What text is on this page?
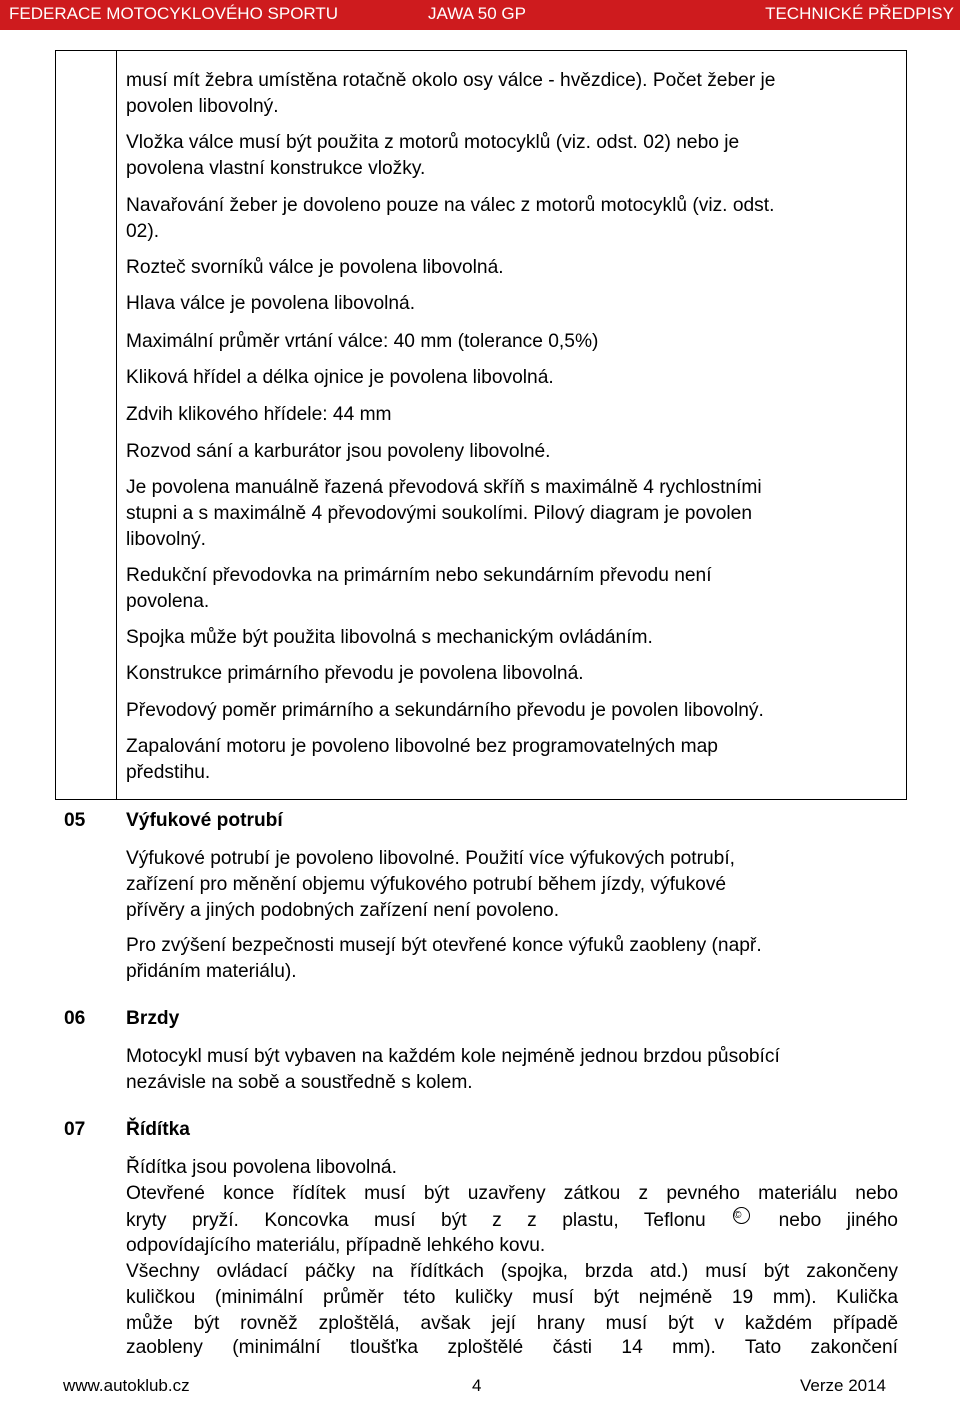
FEDERACE MOTOCYKLOVÉHO SPORTU	JAWA 50 GP	TECHNICKÉ PŘEDPISY

musí mít žebra umístěna rotačně okolo osy válce - hvězdice). Počet žeber je
povolen libovolný.

Vložka válce musí být použita z motorů motocyklů (viz. odst. 02) nebo je
povolena vlastní konstrukce vložky.

Navařování žeber je dovoleno pouze na válec z motorů motocyklů (viz. odst.
02).

Rozteč svorníků válce je povolena libovolná.

Hlava válce je povolena libovolná.

Maximální průměr vrtání válce: 40 mm (tolerance 0,5%)

Kliková hřídel a délka ojnice je povolena libovolná.

Zdvih klikového hřídele: 44 mm

Rozvod sání a karburátor jsou povoleny libovolné.

Je povolena manuálně řazená převodová skříň s maximálně 4 rychlostními
stupni a s maximálně 4 převodovými soukolími. Pilový diagram je povolen
libovolný.

Redukční převodovka na primárním nebo sekundárním převodu není
povolena.

Spojka může být použita libovolná s mechanickým ovládáním.

Konstrukce primárního převodu je povolena libovolná.

Převodový poměr primárního a sekundárního převodu je povolen libovolný.

Zapalování motoru je povoleno libovolné bez programovatelných map
předstihu.

05 Výfukové potrubí

Výfukové potrubí je povoleno libovolné. Použití více výfukových potrubí,
zařízení pro měnění objemu výfukového potrubí během jízdy, výfukové
přívěry a jiných podobných zařízení není povoleno.

Pro zvýšení bezpečnosti musejí být otevřené konce výfuků zaobleny (např.
přidáním materiálu).

06 Brzdy

Motocykl musí být vybaven na každém kole nejméně jednou brzdou působící
nezávisle na sobě a soustředně s kolem.

07 Řídítka

Řídítka jsou povolena libovolná.

Otevřené konce řídítek musí být uzavřeny zátkou z pevného materiálu nebo

kryty pryží. Koncovka musí být z z plastu, Teflonu	© nebo jiného

odpovídajícího materiálu, případně lehkého kovu.

Všechny ovládací páčky na řídítkách (spojka, brzda atd.) musí být zakončeny

kuličkou (minimální průměr této kuličky musí být nejméně 19 mm). Kulička

může být rovněž zploštělá, avšak její hrany musí být v každém případě

zaobleny (minimální tloušťka zploštělé části 14 mm). Tato zakončení

www.autoklub.cz	4	Verze 2014
